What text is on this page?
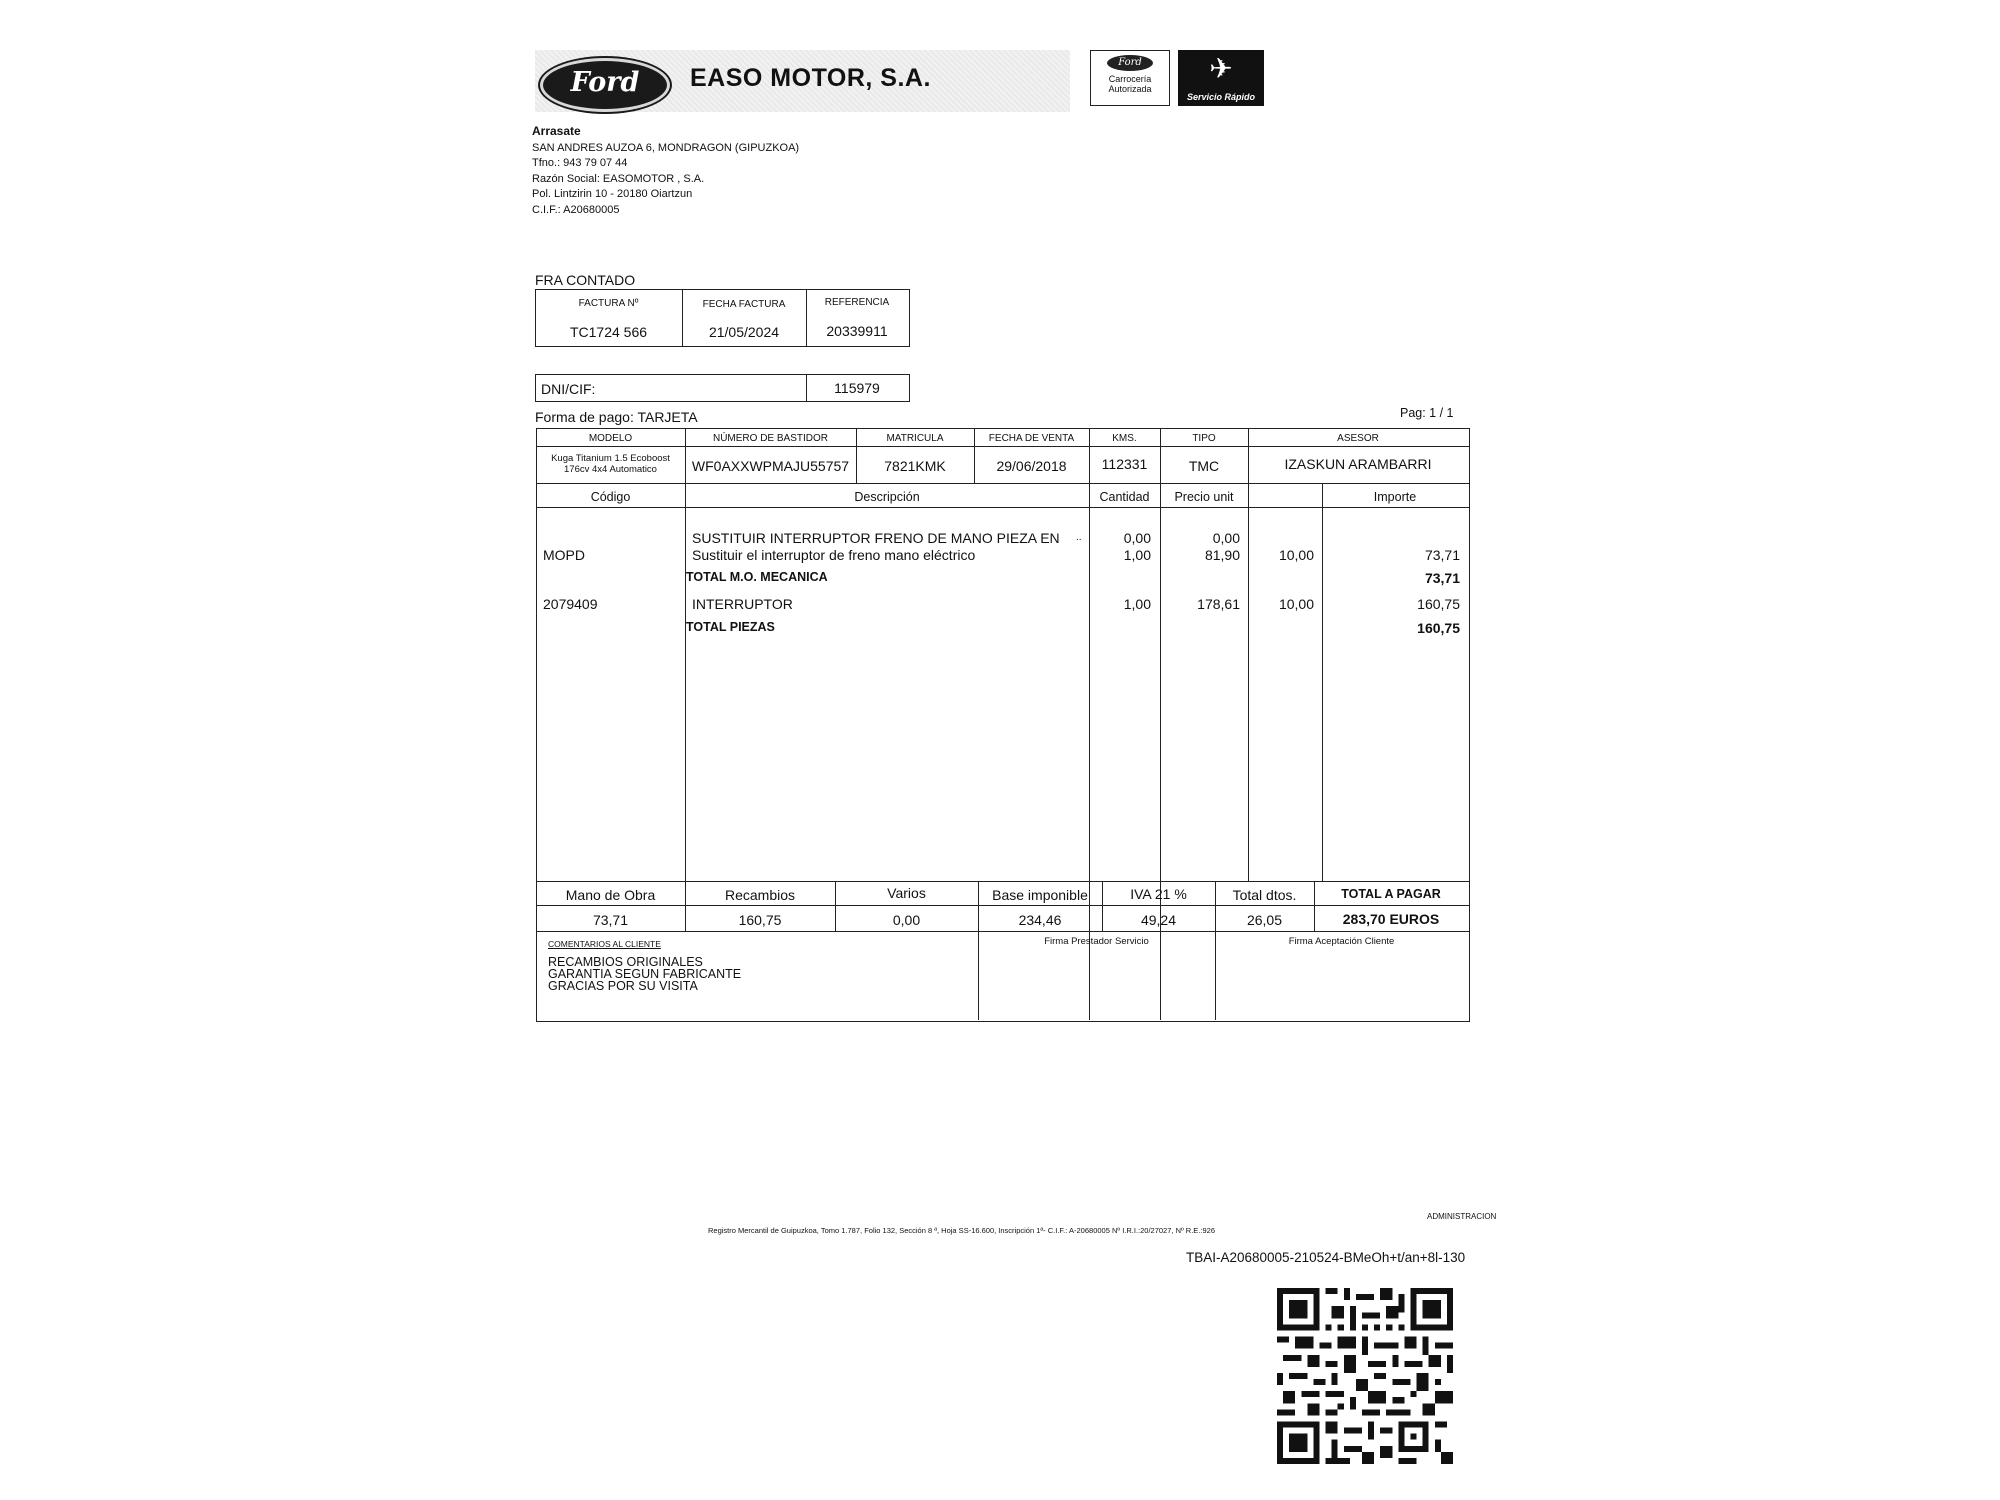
Ford	EASO MOTOR, S.A.
Ford
Carrocería
Autorizada
✈
Servicio Rápido
Arrasate
SAN ANDRES AUZOA 6, MONDRAGON (GIPUZKOA)
Tfno.: 943 79 07 44
Razón Social: EASOMOTOR , S.A.
Pol. Lintzirin 10 - 20180 Oiartzun
C.I.F.: A20680005
FRA CONTADO
FACTURA Nº	FECHA FACTURA	REFERENCIA
TC1724 566	21/05/2024	20339911
DNI/CIF:	115979
Forma de pago: TARJETA	Pag: 1 / 1
MODELO	NÚMERO DE BASTIDOR	MATRICULA	FECHA DE VENTA	KMS.	TIPO	ASESOR
Kuga Titanium 1.5 Ecoboost
176cv 4x4 Automatico	WF0AXXWPMAJU55757	7821KMK	29/06/2018	112331	TMC	IZASKUN ARAMBARRI
Código	Descripción	Cantidad	Precio unit	Importe
SUSTITUIR INTERRUPTOR FRENO DE MANO PIEZA EN ..	0,00	0,00
MOPD	Sustituir el interruptor de freno mano eléctrico	1,00	81,90	10,00	73,71
TOTAL M.O. MECANICA	73,71
2079409	INTERRUPTOR	1,00	178,61	10,00	160,75
TOTAL PIEZAS	160,75
Mano de Obra	Recambios	Varios	Base imponible	IVA 21 %	Total dtos.	TOTAL A PAGAR
73,71	160,75	0,00	234,46	49,24	26,05	283,70 EUROS
COMENTARIOS AL CLIENTE
RECAMBIOS ORIGINALES
GARANTIA SEGUN FABRICANTE
GRACIAS POR SU VISITA
Firma Prestador Servicio	Firma Aceptación Cliente
ADMINISTRACION
Registro Mercantil de Guipuzkoa, Tomo 1.787, Folio 132, Sección 8 ª, Hoja SS-16.600, Inscripción 1ª- C.I.F.: A-20680005 Nº I.R.I.:20/27027, Nº R.E.:926
TBAI-A20680005-210524-BMeOh+t/an+8l-130
